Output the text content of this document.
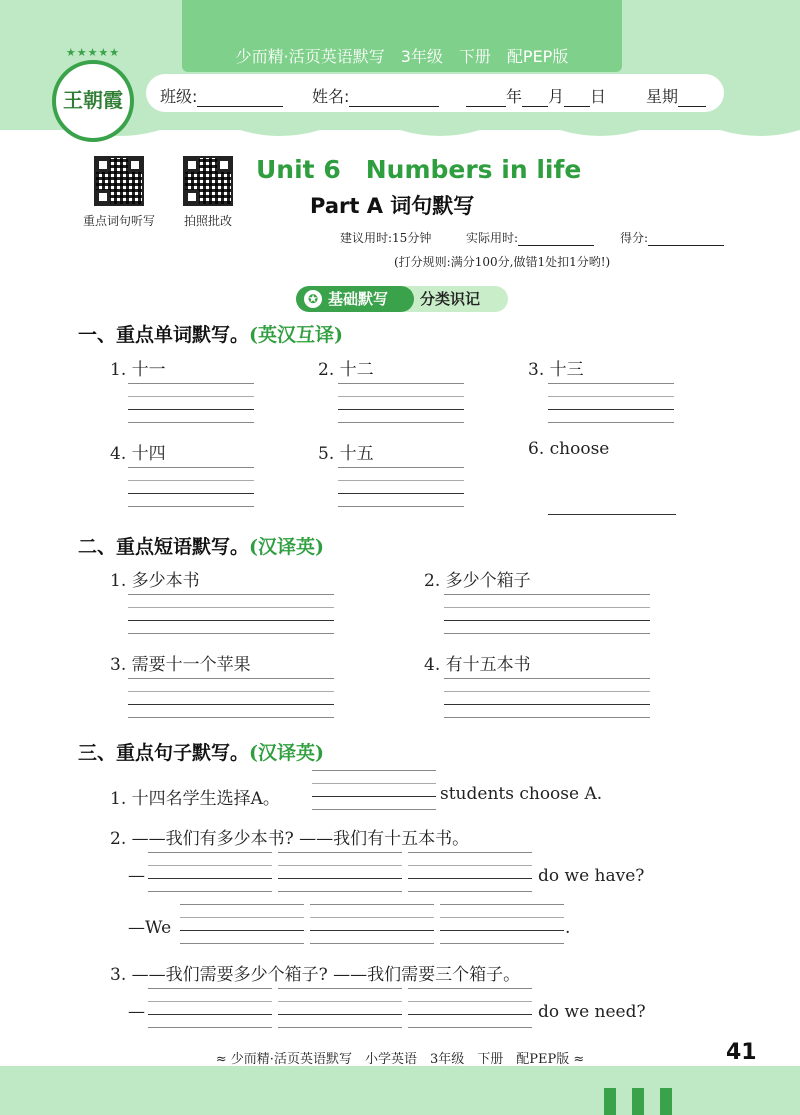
少而精·活页英语默写　3年级　下册　配PEP版
班级:	姓名:	年 月 日 星期
★★★★★
王朝霞
重点词句听写	拍照批改
Unit 6　Numbers in life
Part A 词句默写
建议用时:15分钟	实际用时:	得分:
(打分规则:满分100分,做错1处扣1分哟!)
分类识记
基础默写
✪
一、重点单词默写。(英汉互译)
1. 十一	2. 十二	3. 十三
4. 十四	5. 十五	6. choose
二、重点短语默写。(汉译英)
1. 多少本书	2. 多少个箱子
3. 需要十一个苹果	4. 有十五本书
三、重点句子默写。(汉译英)
1. 十四名学生选择A。	students choose A.
2. ——我们有多少本书? ——我们有十五本书。
—	do we have?
—We	.
3. ——我们需要多少个箱子? ——我们需要三个箱子。
—	do we need?
≈ 少而精·活页英语默写　小学英语　3年级　下册　配PEP版 ≈	41
